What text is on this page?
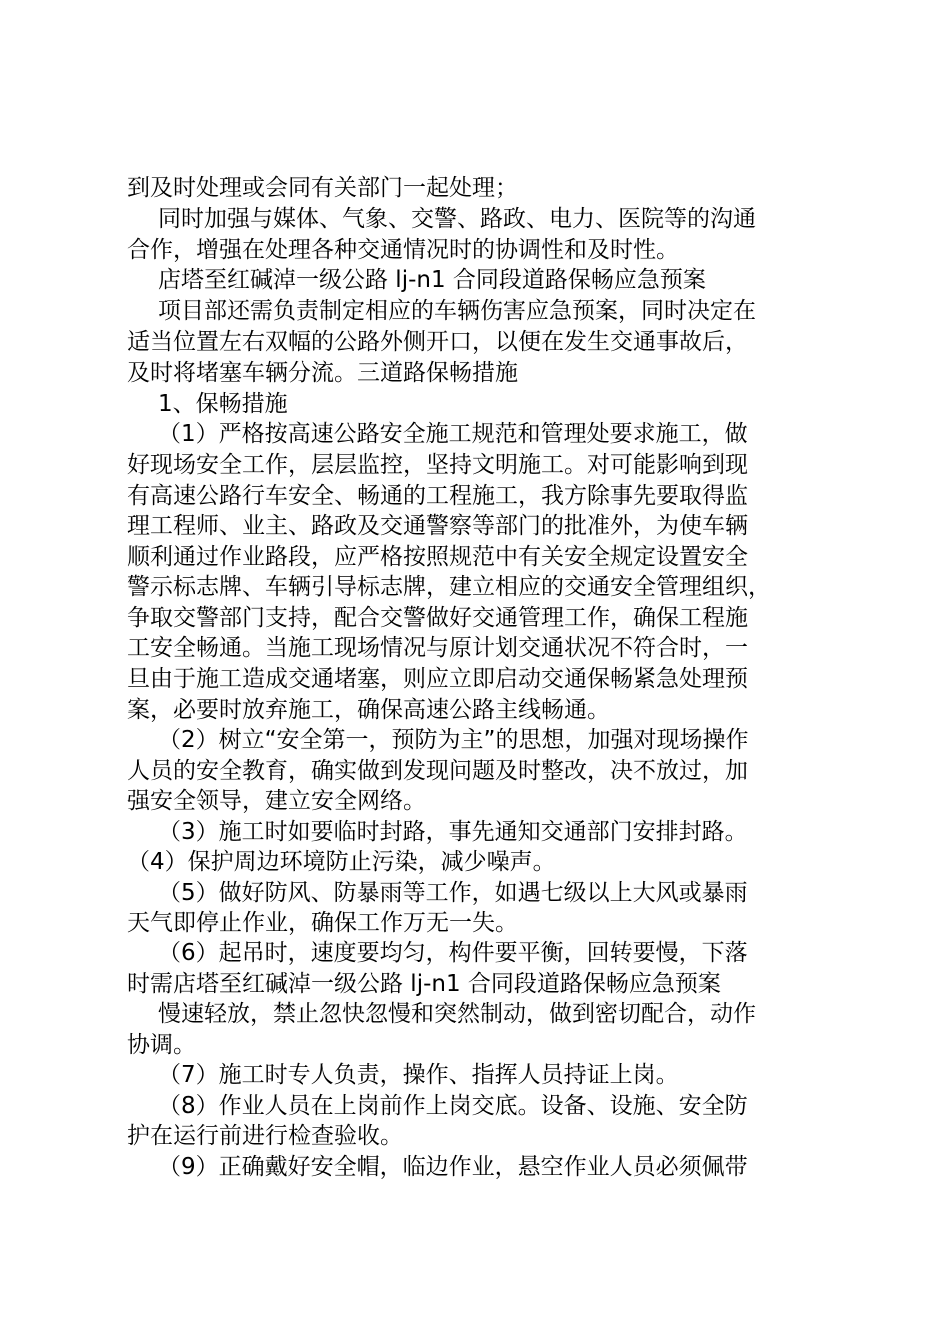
到及时处理或会同有关部门一起处理；
同时加强与媒体、气象、交警、路政、电力、医院等的沟通
合作，增强在处理各种交通情况时的协调性和及时性。
店塔至红碱淖一级公路 lj-n1 合同段道路保畅应急预案
项目部还需负责制定相应的车辆伤害应急预案，同时决定在
适当位置左右双幅的公路外侧开口，以便在发生交通事故后，
及时将堵塞车辆分流。三道路保畅措施
1、保畅措施
（1）严格按高速公路安全施工规范和管理处要求施工，做
好现场安全工作，层层监控，坚持文明施工。对可能影响到现
有高速公路行车安全、畅通的工程施工，我方除事先要取得监
理工程师、业主、路政及交通警察等部门的批准外，为使车辆
顺利通过作业路段，应严格按照规范中有关安全规定设置安全
警示标志牌、车辆引导标志牌，建立相应的交通安全管理组织，
争取交警部门支持，配合交警做好交通管理工作，确保工程施
工安全畅通。当施工现场情况与原计划交通状况不符合时，一
旦由于施工造成交通堵塞，则应立即启动交通保畅紧急处理预
案，必要时放弃施工，确保高速公路主线畅通。
（2）树立“安全第一，预防为主”的思想，加强对现场操作
人员的安全教育，确实做到发现问题及时整改，决不放过，加
强安全领导，建立安全网络。
（3）施工时如要临时封路，事先通知交通部门安排封路。
（4）保护周边环境防止污染，减少噪声。
（5）做好防风、防暴雨等工作，如遇七级以上大风或暴雨
天气即停止作业，确保工作万无一失。
（6）起吊时，速度要均匀，构件要平衡，回转要慢，下落
时需店塔至红碱淖一级公路 lj-n1 合同段道路保畅应急预案
慢速轻放，禁止忽快忽慢和突然制动，做到密切配合，动作
协调。
（7）施工时专人负责，操作、指挥人员持证上岗。
（8）作业人员在上岗前作上岗交底。设备、设施、安全防
护在运行前进行检查验收。
（9）正确戴好安全帽，临边作业，悬空作业人员必须佩带
